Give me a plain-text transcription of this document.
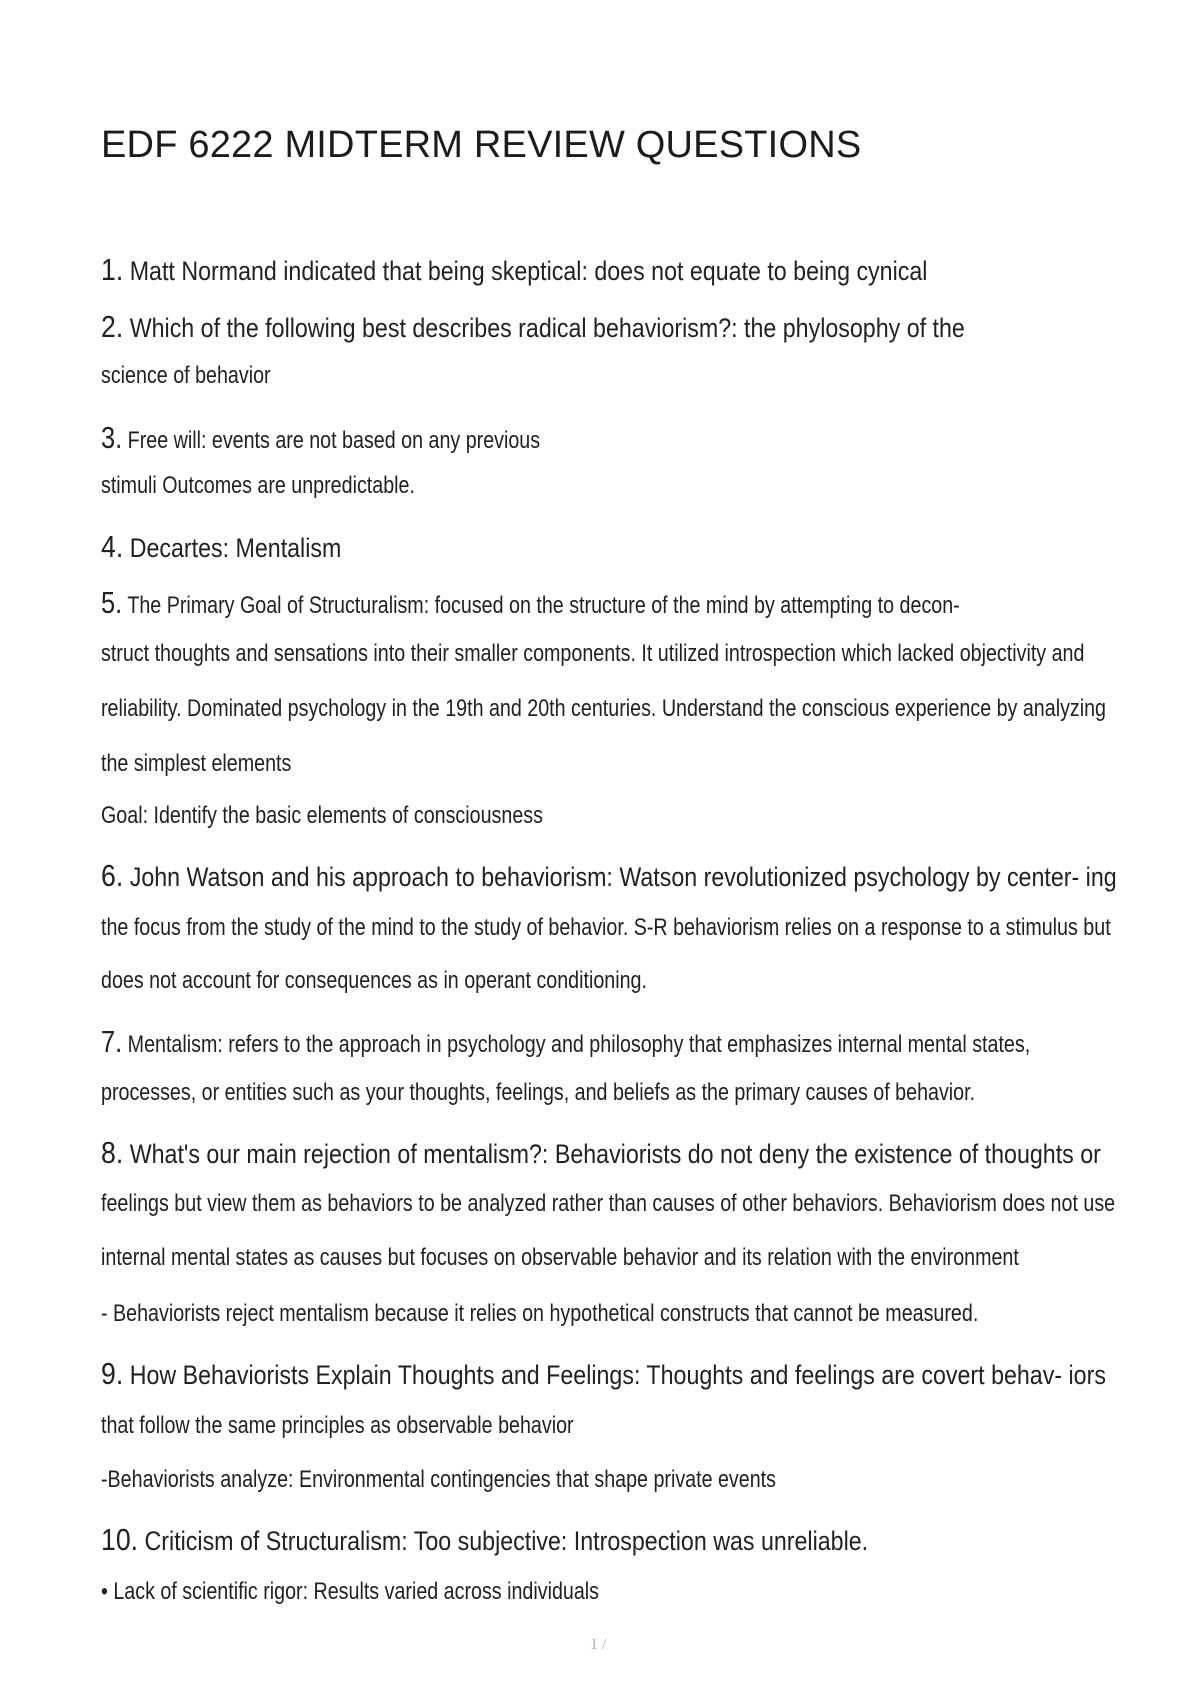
EDF 6222 MIDTERM REVIEW QUESTIONS
1. Matt Normand indicated that being skeptical: does not equate to being cynical
2. Which of the following best describes radical behaviorism?: the phylosophy of the
science of behavior
3. Free will: events are not based on any previous
stimuli Outcomes are unpredictable.
4. Decartes: Mentalism
5. The Primary Goal of Structuralism: focused on the structure of the mind by attempting to decon-
struct thoughts and sensations into their smaller components. It utilized introspection which lacked objectivity and
reliability. Dominated psychology in the 19th and 20th centuries. Understand the conscious experience by analyzing
the simplest elements
Goal: Identify the basic elements of consciousness
6. John Watson and his approach to behaviorism: Watson revolutionized psychology by center- ing
the focus from the study of the mind to the study of behavior. S-R behaviorism relies on a response to a stimulus but
does not account for consequences as in operant conditioning.
7. Mentalism: refers to the approach in psychology and philosophy that emphasizes internal mental states,
processes, or entities such as your thoughts, feelings, and beliefs as the primary causes of behavior.
8. What's our main rejection of mentalism?: Behaviorists do not deny the existence of thoughts or
feelings but view them as behaviors to be analyzed rather than causes of other behaviors. Behaviorism does not use
internal mental states as causes but focuses on observable behavior and its relation with the environment
- Behaviorists reject mentalism because it relies on hypothetical constructs that cannot be measured.
9. How Behaviorists Explain Thoughts and Feelings: Thoughts and feelings are covert behav- iors
that follow the same principles as observable behavior
-Behaviorists analyze: Environmental contingencies that shape private events
10. Criticism of Structuralism: Too subjective: Introspection was unreliable.
• Lack of scientific rigor: Results varied across individuals
1 /
